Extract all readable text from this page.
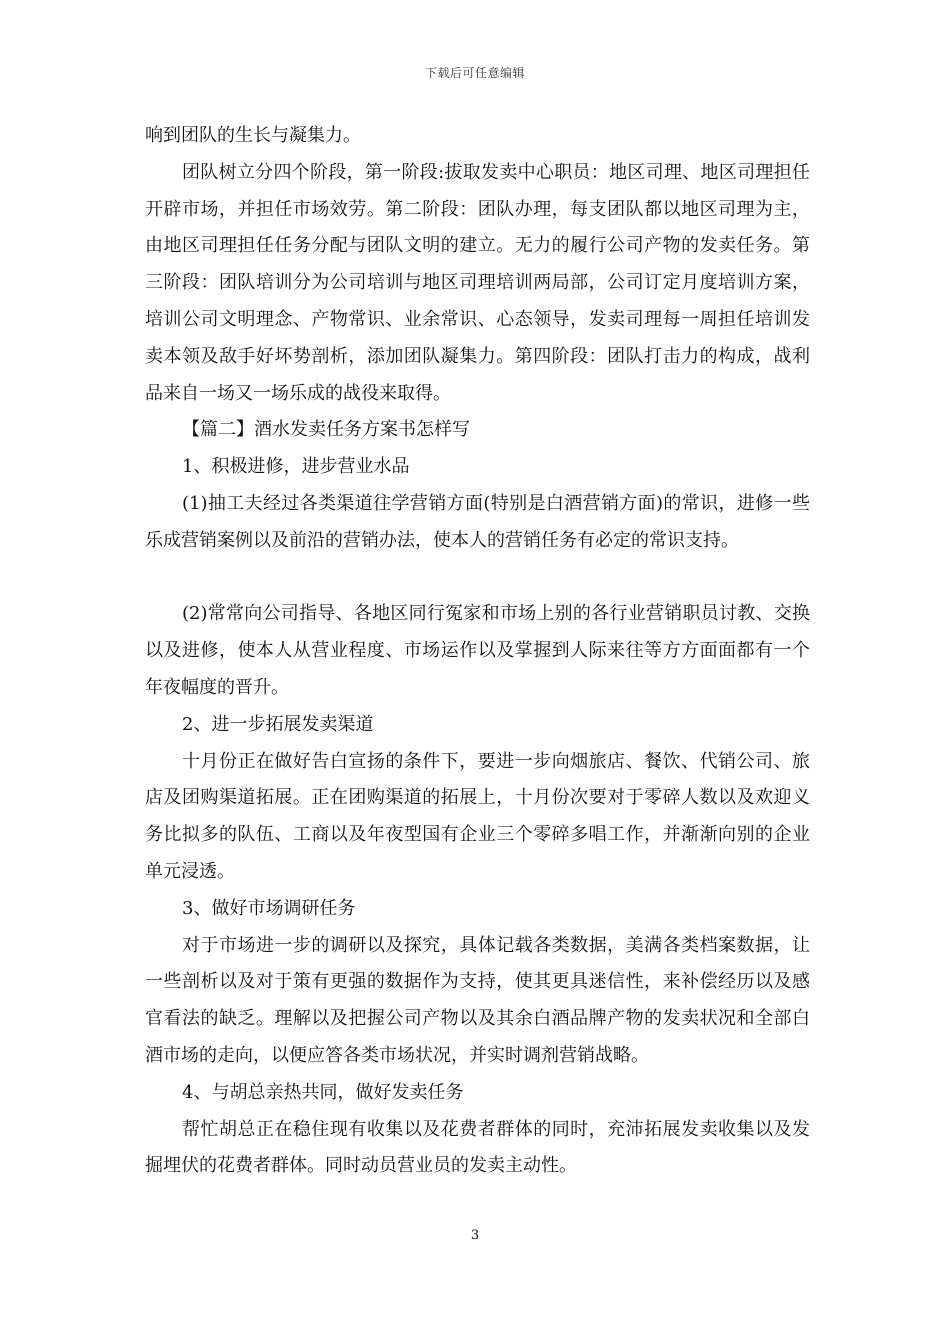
下载后可任意编辑

响到团队的生长与凝集力。

团队树立分四个阶段，第一阶段:拔取发卖中心职员：地区司理、地区司理担任开辟市场，并担任市场效劳。第二阶段：团队办理，每支团队都以地区司理为主，由地区司理担任任务分配与团队文明的建立。无力的履行公司产物的发卖任务。第三阶段：团队培训分为公司培训与地区司理培训两局部，公司订定月度培训方案，培训公司文明理念、产物常识、业余常识、心态领导，发卖司理每一周担任培训发卖本领及敌手好坏势剖析，添加团队凝集力。第四阶段：团队打击力的构成，战利品来自一场又一场乐成的战役来取得。

【篇二】酒水发卖任务方案书怎样写

1、积极进修，进步营业水品

(1)抽工夫经过各类渠道往学营销方面(特别是白酒营销方面)的常识，进修一些乐成营销案例以及前沿的营销办法，使本人的营销任务有必定的常识支持。

(2)常常向公司指导、各地区同行冤家和市场上别的各行业营销职员讨教、交换以及进修，使本人从营业程度、市场运作以及掌握到人际来往等方方面面都有一个年夜幅度的晋升。

2、进一步拓展发卖渠道

十月份正在做好告白宣扬的条件下，要进一步向烟旅店、餐饮、代销公司、旅店及团购渠道拓展。正在团购渠道的拓展上，十月份次要对于零碎人数以及欢迎义务比拟多的队伍、工商以及年夜型国有企业三个零碎多唱工作，并渐渐向别的企业单元浸透。

3、做好市场调研任务

对于市场进一步的调研以及探究，具体记载各类数据，美满各类档案数据，让一些剖析以及对于策有更强的数据作为支持，使其更具迷信性，来补偿经历以及感官看法的缺乏。理解以及把握公司产物以及其余白酒品牌产物的发卖状况和全部白酒市场的走向，以便应答各类市场状况，并实时调剂营销战略。

4、与胡总亲热共同，做好发卖任务

帮忙胡总正在稳住现有收集以及花费者群体的同时，充沛拓展发卖收集以及发掘埋伏的花费者群体。同时动员营业员的发卖主动性。

3
